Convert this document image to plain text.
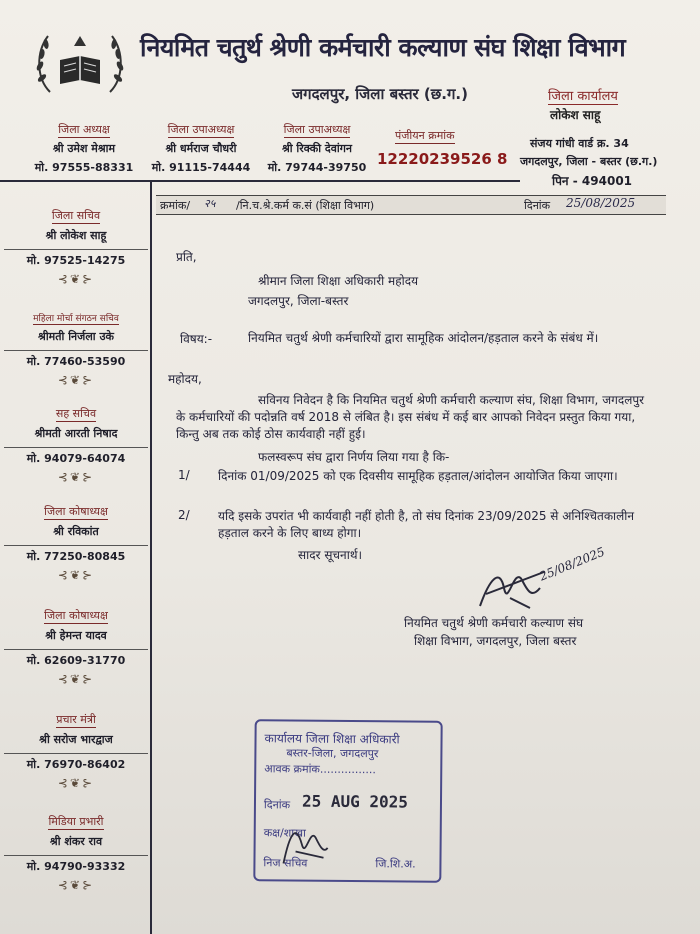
नियमित चतुर्थ श्रेणी कर्मचारी कल्याण संघ शिक्षा विभाग
जगदलपुर, जिला बस्तर (छ.ग.)	जिला कार्यालय
लोकेश साहू
संजय गांधी वार्ड क्र. 34
जगदलपुर, जिला - बस्तर (छ.ग.)
पिन - 494001
जिला अध्यक्ष
श्री उमेश मेश्राम
मो. 97555-88331
जिला उपाअध्यक्ष
श्री धर्मराज चौधरी
मो. 91115-74444
जिला उपाअध्यक्ष
श्री रिक्की देवांगन
मो. 79744-39750
पंजीयन क्रमांक
12220239526 8
जिला सचिव
श्री लोकेश साहू
मो. 97525-14275
⊰❦⊱
महिला मोर्चा संगठन सचिव
श्रीमती निर्जला उके
मो. 77460-53590
⊰❦⊱
सह सचिव
श्रीमती आरती निषाद
मो. 94079-64074
⊰❦⊱
जिला कोषाध्यक्ष
श्री रविकांत
मो. 77250-80845
⊰❦⊱
जिला कोषाध्यक्ष
श्री हेमन्त यादव
मो. 62609-31770
⊰❦⊱
प्रचार मंत्री
श्री सरोज भारद्वाज
मो. 76970-86402
⊰❦⊱
मिडिया प्रभारी
श्री शंकर राव
मो. 94790-93332
⊰❦⊱
क्रमांक/ २५ /नि.च.श्रे.कर्म क.सं (शिक्षा विभाग)	दिनांक 25/08/2025
प्रति,
श्रीमान जिला शिक्षा अधिकारी महोदय
जगदलपुर, जिला-बस्तर
विषय:-	नियमित चतुर्थ श्रेणी कर्मचारियों द्वारा सामूहिक आंदोलन/हड़ताल करने के संबंध में।
महोदय,
सविनय निवेदन है कि नियमित चतुर्थ श्रेणी कर्मचारी कल्याण संघ, शिक्षा विभाग, जगदलपुर के कर्मचारियों की पदोन्नति वर्ष 2018 से लंबित है। इस संबंध में कई बार आपको निवेदन प्रस्तुत किया गया, किन्तु अब तक कोई ठोस कार्यवाही नहीं हुई।
फलस्वरूप संघ द्वारा निर्णय लिया गया है कि-
1/ दिनांक 01/09/2025 को एक दिवसीय सामूहिक हड़ताल/आंदोलन आयोजित किया जाएगा।
2/ यदि इसके उपरांत भी कार्यवाही नहीं होती है, तो संघ दिनांक 23/09/2025 से अनिश्चितकालीन हड़ताल करने के लिए बाध्य होगा।
सादर सूचनार्थ।	25/08/2025
नियमित चतुर्थ श्रेणी कर्मचारी कल्याण संघ
शिक्षा विभाग, जगदलपुर, जिला बस्तर
कार्यालय जिला शिक्षा अधिकारी
बस्तर-जिला, जगदलपुर
आवक क्रमांक................
दिनांक 25 AUG 2025
कक्ष/शाखा
निज सचिव	जि.शि.अ.
